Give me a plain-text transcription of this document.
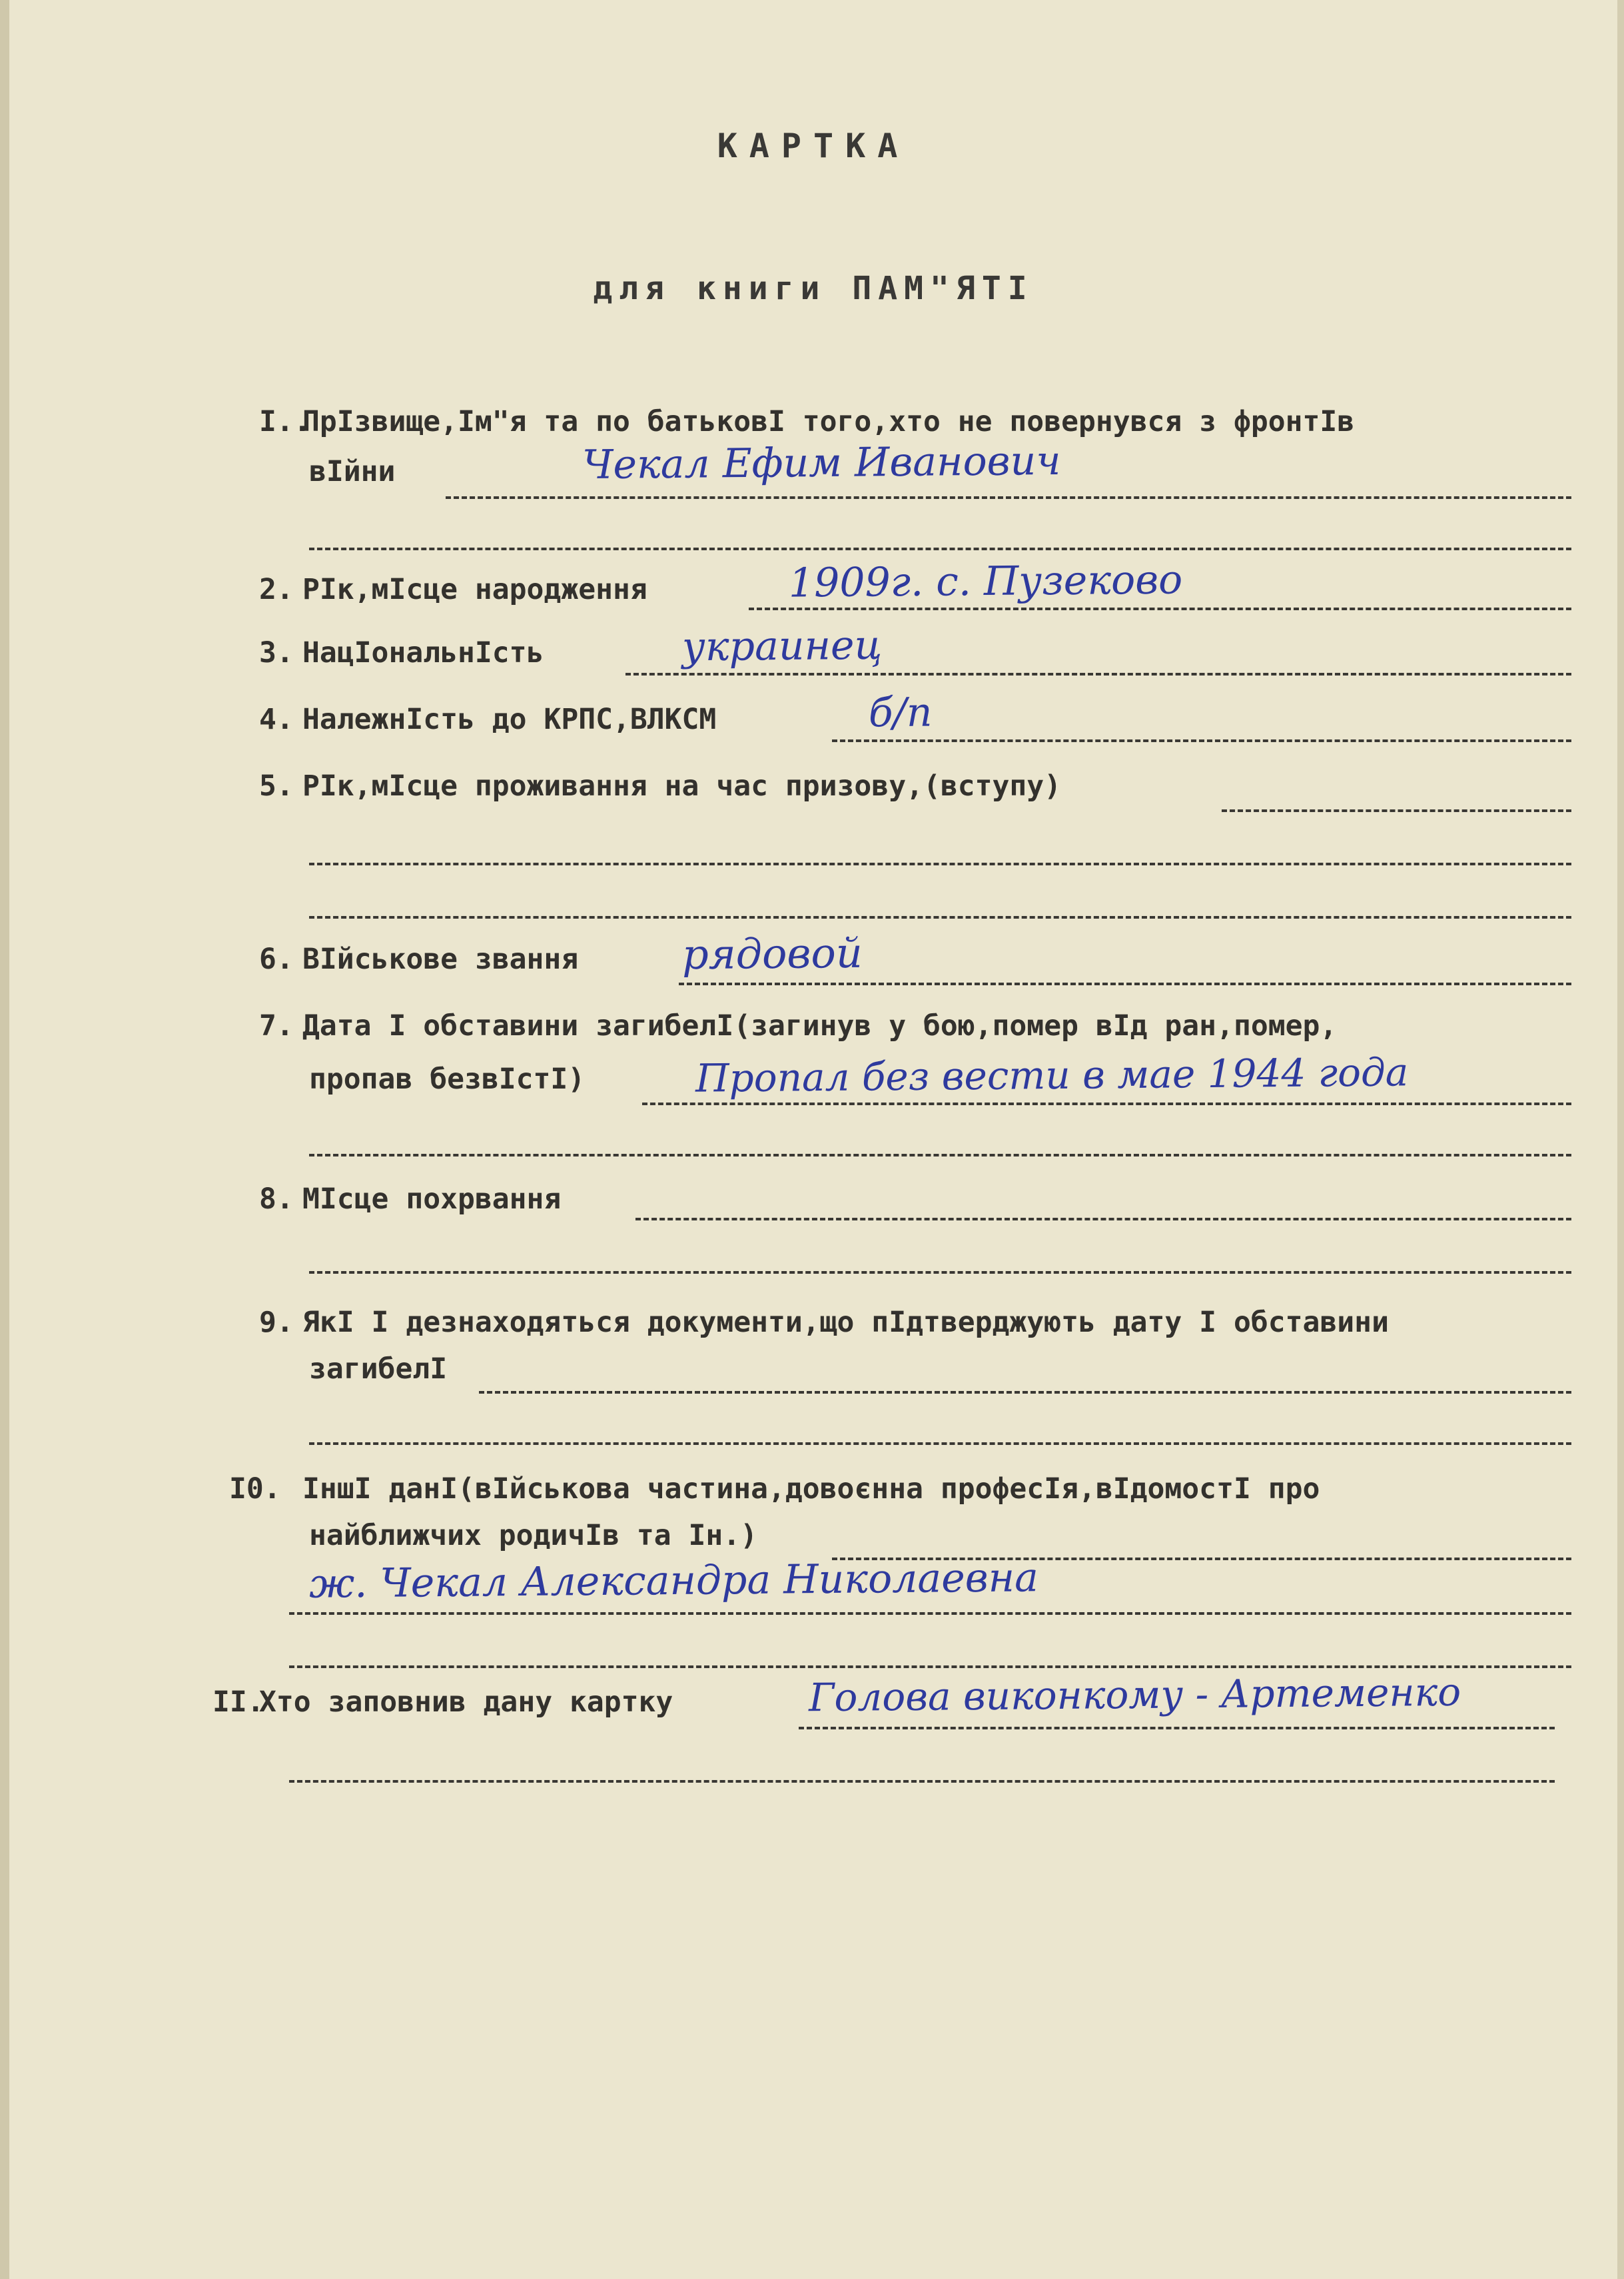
КАРТКА
для книги ПАМ"ЯТІ
І..
ПрІзвище,Ім"я та по батьковІ того,хто не повернувся з фронтІв
вІйни	Чекал Ефим Иванович
2. РІк,мІсце народження	1909г. с. Пузеково
3. НацІональнІсть	украинец
4. НалежнІсть до КРПС,ВЛКСМ	б/п
5. РІк,мІсце проживання на час призову,(вступу)
6. ВІйськове звання	рядовой
7. Дата І обставини загибелІ(загинув у бою,помер вІд ран,помер,
пропав безвІстІ)	Пропал без вести в мае 1944 года
8. МІсце похрвання
9. ЯкІ І дезнаходяться документи,що пІдтверджують дату І обставини
загибелІ
І0. ІншІ данІ(вІйськова частина,довоєнна професІя,вІдомостІ про
найближчих родичІв та Ін.)
ж. Чекал Александра Николаевна
ІІ.
Хто заповнив дану картку	Голова виконкому - Артеменко
